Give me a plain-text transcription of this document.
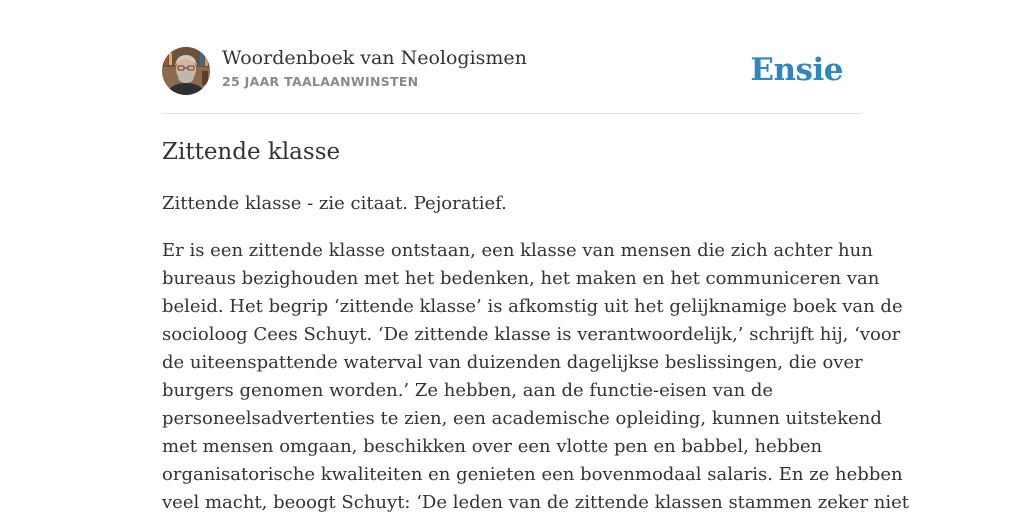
Woordenboek van Neologismen
25 JAAR TAALAANWINSTEN	Ensie
Zittende klasse

Zittende klasse - zie citaat. Pejoratief.

Er is een zittende klasse ontstaan, een klasse van mensen die zich achter hun
bureaus bezighouden met het bedenken, het maken en het communiceren van
beleid. Het begrip ‘zittende klasse’ is afkomstig uit het gelijknamige boek van de
socioloog Cees Schuyt. ‘De zittende klasse is verantwoordelijk,’ schrijft hij, ‘voor
de uiteenspattende waterval van duizenden dagelijkse beslissingen, die over
burgers genomen worden.’ Ze hebben, aan de functie-eisen van de
personeelsadvertenties te zien, een academische opleiding, kunnen uitstekend
met mensen omgaan, beschikken over een vlotte pen en babbel, hebben
organisatorische kwaliteiten en genieten een bovenmodaal salaris. En ze hebben
veel macht, beoogt Schuyt: ‘De leden van de zittende klassen stammen zeker niet
